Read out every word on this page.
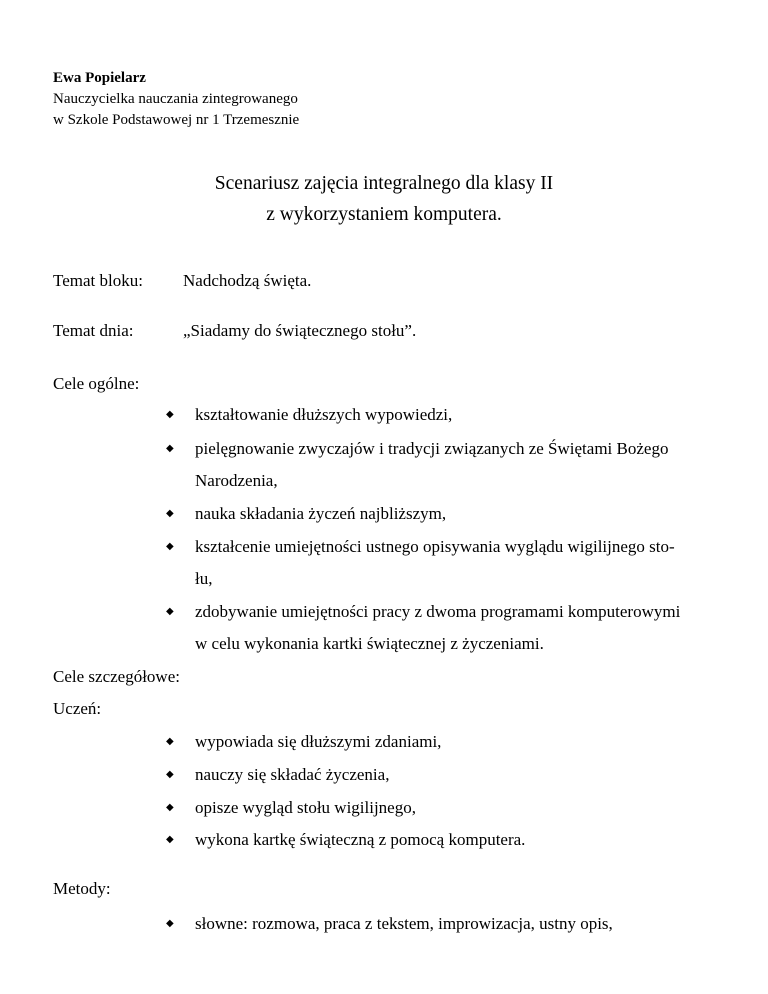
Ewa Popielarz
Nauczycielka nauczania zintegrowanego
w Szkole Podstawowej nr 1 Trzemesznie
Scenariusz zajęcia integralnego dla klasy II
z wykorzystaniem komputera.
Temat bloku: Nadchodzą święta.
Temat dnia:	„Siadamy do świątecznego stołu”.
Cele ogólne:
◆ kształtowanie dłuższych wypowiedzi,
◆ pielęgnowanie zwyczajów i tradycji związanych ze Świętami Bożego
Narodzenia,
◆ nauka składania życzeń najbliższym,
◆ kształcenie umiejętności ustnego opisywania wyglądu wigilijnego sto-
łu,
◆ zdobywanie umiejętności pracy z dwoma programami komputerowymi
w celu wykonania kartki świątecznej z życzeniami.
Cele szczegółowe:
Uczeń:
◆ wypowiada się dłuższymi zdaniami,
◆ nauczy się składać życzenia,
◆ opisze wygląd stołu wigilijnego,
◆ wykona kartkę świąteczną z pomocą komputera.
Metody:
◆ słowne: rozmowa, praca z tekstem, improwizacja, ustny opis,
